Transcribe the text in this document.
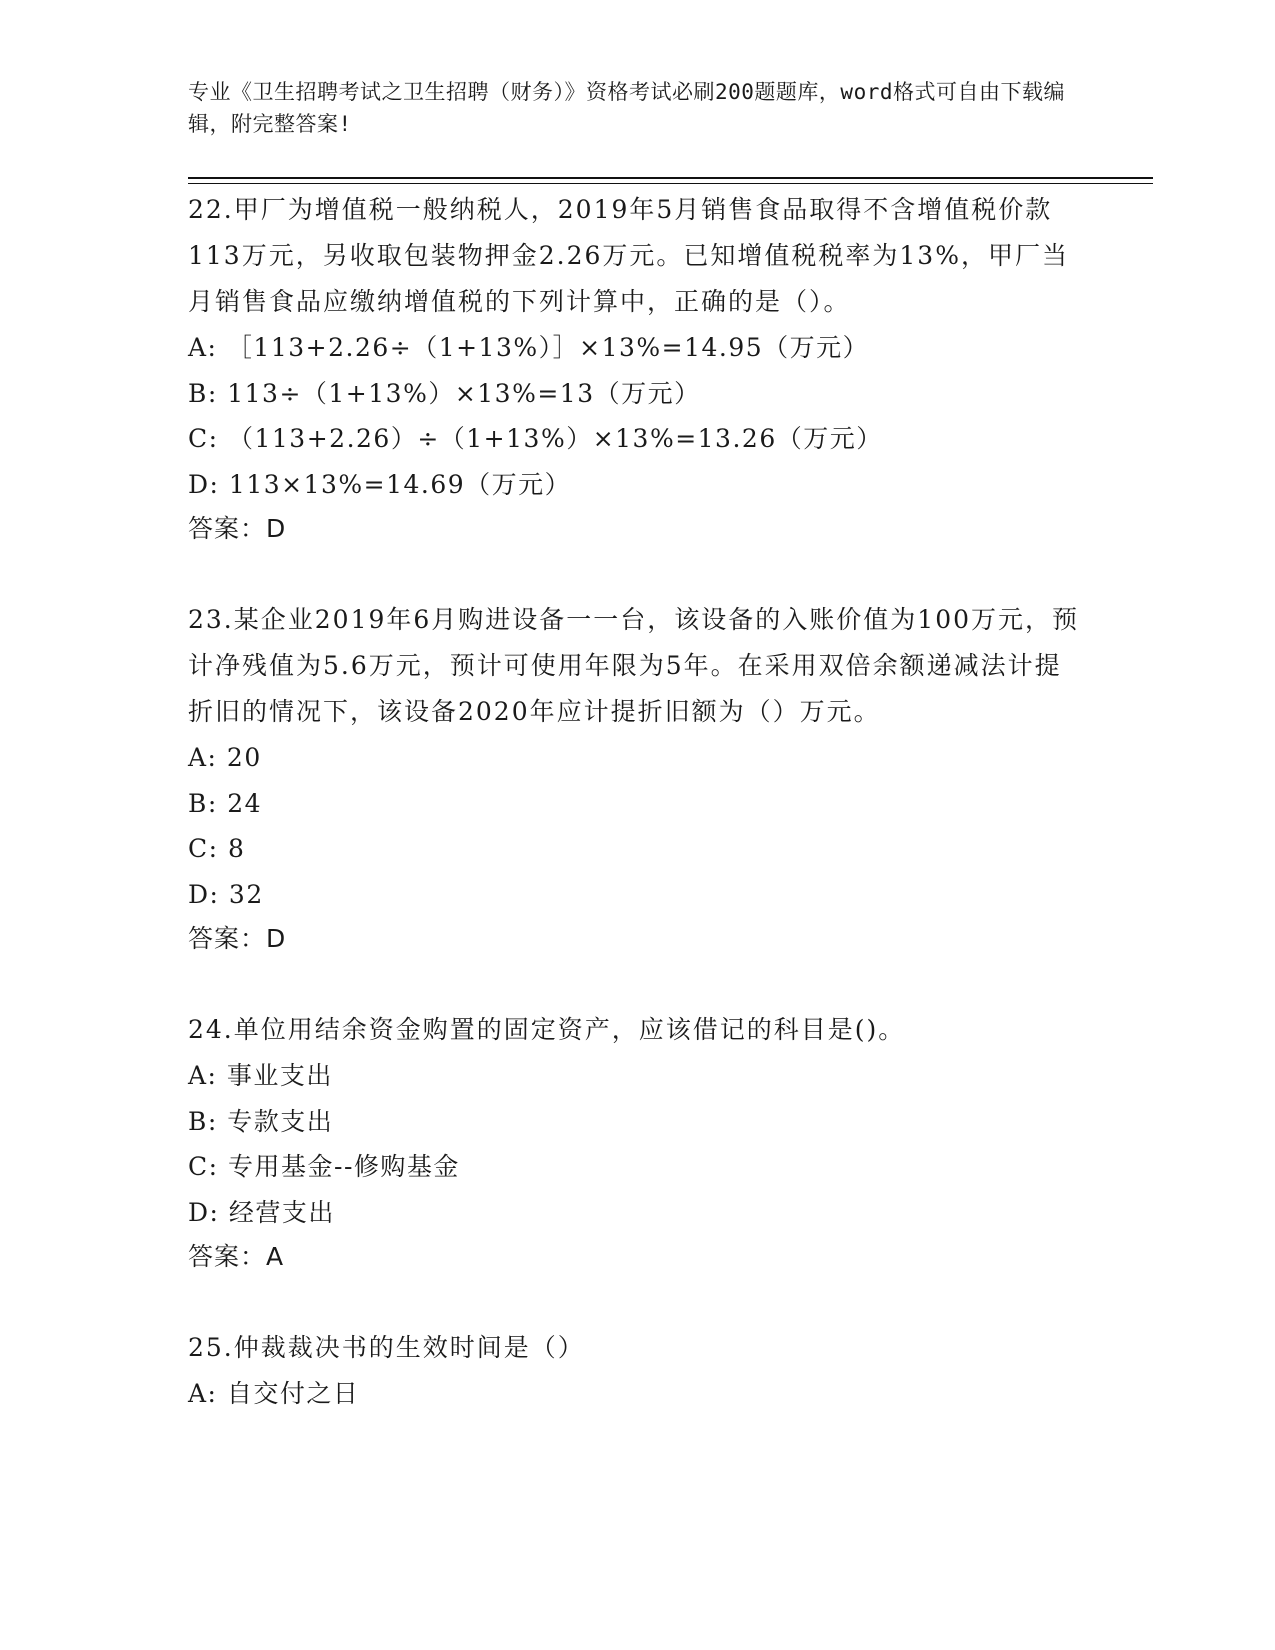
专业《卫生招聘考试之卫生招聘（财务）》资格考试必刷200题题库，word格式可自由下载编辑，附完整答案!

22.甲厂为增值税一般纳税人，2019年5月销售食品取得不含增值税价款113万元，另收取包装物押金2.26万元。已知增值税税率为13%，甲厂当月销售食品应缴纳增值税的下列计算中，正确的是（）。

A: ［113+2.26÷（1+13%）］×13%=14.95（万元）

B: 113÷（1+13%）×13%=13（万元）

C: （113+2.26）÷（1+13%）×13%=13.26（万元）

D: 113×13%=14.69（万元）

答案：D

23.某企业2019年6月购进设备一一台，该设备的入账价值为100万元，预计净残值为5.6万元，预计可使用年限为5年。在采用双倍余额递减法计提折旧的情况下，该设备2020年应计提折旧额为（）万元。

A: 20

B: 24

C: 8

D: 32

答案：D

24.单位用结余资金购置的固定资产，应该借记的科目是()。

A: 事业支出

B: 专款支出

C: 专用基金--修购基金

D: 经营支出

答案：A

25.仲裁裁决书的生效时间是（）

A: 自交付之日
